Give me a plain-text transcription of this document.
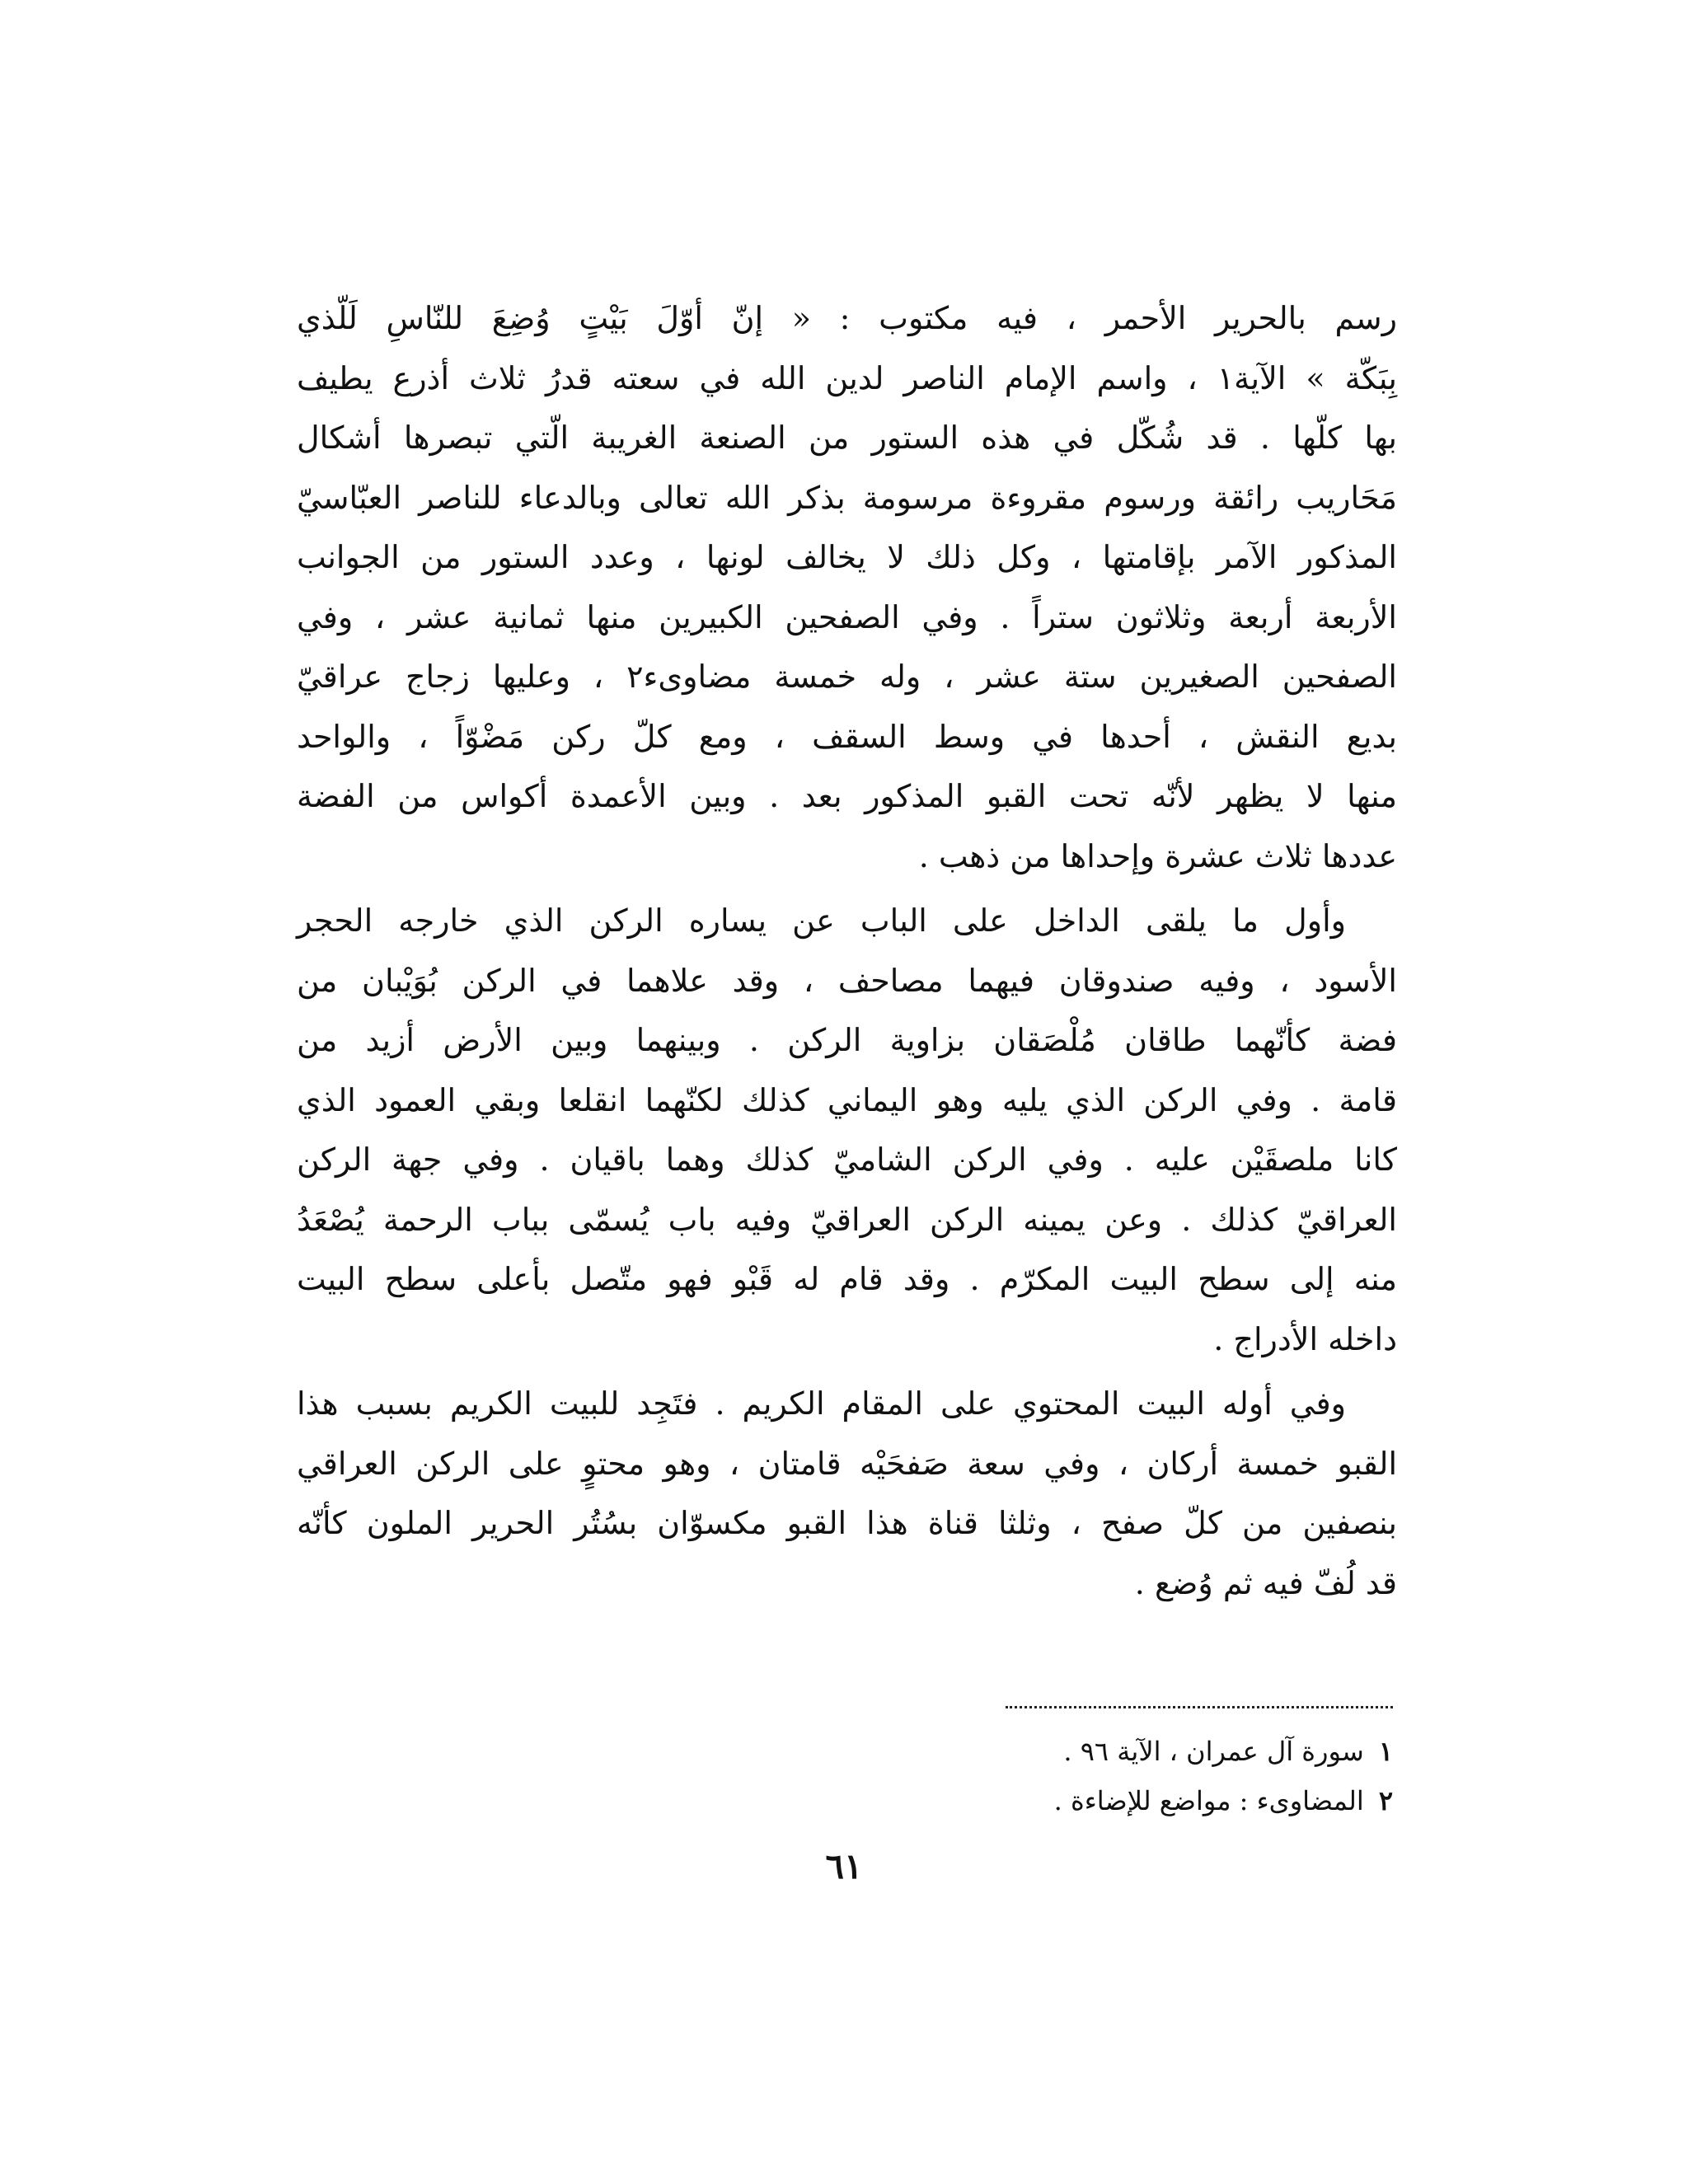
رسم بالحرير الأحمر ، فيه مكتوب : « إنّ أوّلَ بَيْتٍ وُضِعَ للنّاسِ لَلّذي
بِبَكّة » الآية١ ، واسم الإمام الناصر لدين الله في سعته قدرُ ثلاث أذرع يطيف
بها كلّها . قد شُكّل في هذه الستور من الصنعة الغريبة الّتي تبصرها أشكال
مَحَاريب رائقة ورسوم مقروءة مرسومة بذكر الله تعالى وبالدعاء للناصر العبّاسيّ
المذكور الآمر بإقامتها ، وكل ذلك لا يخالف لونها ، وعدد الستور من الجوانب
الأربعة أربعة وثلاثون ستراً . وفي الصفحين الكبيرين منها ثمانية عشر ، وفي
الصفحين الصغيرين ستة عشر ، وله خمسة مضاوىء٢ ، وعليها زجاج عراقيّ
بديع النقش ، أحدها في وسط السقف ، ومع كلّ ركن مَضْوّاً ، والواحد
منها لا يظهر لأنّه تحت القبو المذكور بعد . وبين الأعمدة أكواس من الفضة
عددها ثلاث عشرة وإحداها من ذهب .
وأول ما يلقى الداخل على الباب عن يساره الركن الذي خارجه الحجر
الأسود ، وفيه صندوقان فيهما مصاحف ، وقد علاهما في الركن بُوَيْبان من
فضة كأنّهما طاقان مُلْصَقان بزاوية الركن . وبينهما وبين الأرض أزيد من
قامة . وفي الركن الذي يليه وهو اليماني كذلك لكنّهما انقلعا وبقي العمود الذي
كانا ملصقَيْن عليه . وفي الركن الشاميّ كذلك وهما باقيان . وفي جهة الركن
العراقيّ كذلك . وعن يمينه الركن العراقيّ وفيه باب يُسمّى بباب الرحمة يُصْعَدُ
منه إلى سطح البيت المكرّم . وقد قام له قَبْو فهو متّصل بأعلى سطح البيت
داخله الأدراج .
وفي أوله البيت المحتوي على المقام الكريم . فتَجِد للبيت الكريم بسبب هذا
القبو خمسة أركان ، وفي سعة صَفحَيْه قامتان ، وهو محتوٍ على الركن العراقي
بنصفين من كلّ صفح ، وثلثا قناة هذا القبو مكسوّان بسُتُر الحرير الملون كأنّه
قد لُفّ فيه ثم وُضع .
١سورة آل عمران ، الآية ٩٦ .
٢المضاوىء : مواضع للإضاءة .
٦١
